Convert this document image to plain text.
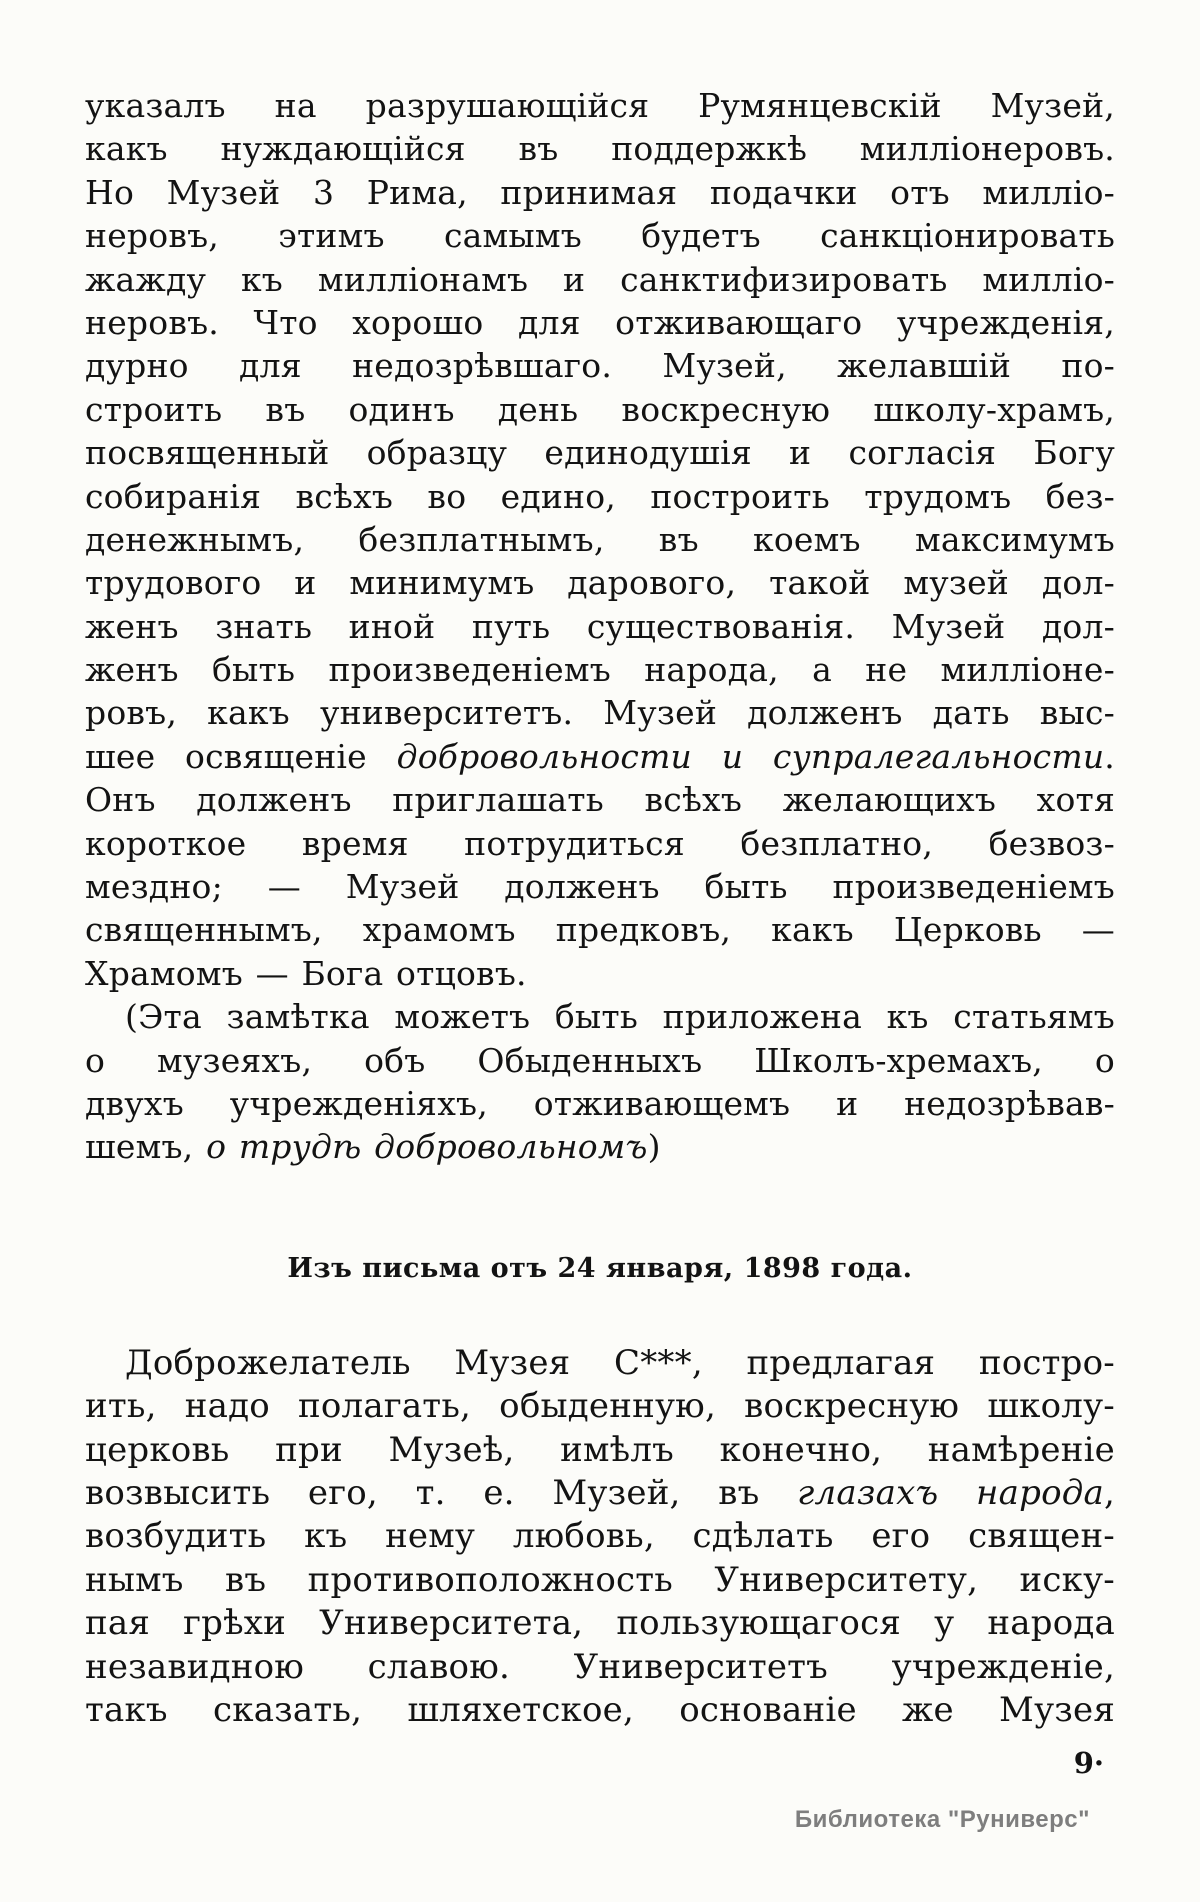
указалъ на разрушающійся Румянцевскій Музей,
какъ нуждающійся въ поддержкѣ милліонеровъ.
Но Музей 3 Рима, принимая подачки отъ милліо-
неровъ, этимъ самымъ будетъ санкціонировать
жажду къ милліонамъ и санктифизировать милліо-
неровъ. Что хорошо для отживающаго учрежденія,
дурно для недозрѣвшаго. Музей, желавшій по-
строить въ одинъ день воскресную школу-храмъ,
посвященный образцу единодушія и согласія Богу
собиранія всѣхъ во едино, построить трудомъ без-
денежнымъ, безплатнымъ, въ коемъ максимумъ
трудового и минимумъ дарового, такой музей дол-
женъ знать иной путь существованія. Музей дол-
женъ быть произведеніемъ народа, а не милліоне-
ровъ, какъ университетъ. Музей долженъ дать выс-
шее освященіе добровольности и супралегальности.
Онъ долженъ приглашать всѣхъ желающихъ хотя
короткое время потрудиться безплатно, безвоз-
мездно; — Музей долженъ быть произведеніемъ
священнымъ, храмомъ предковъ, какъ Церковь —
Храмомъ — Бога отцовъ.
(Эта замѣтка можетъ быть приложена къ статьямъ
о музеяхъ, объ Обыденныхъ Школъ-хремахъ, о
двухъ учрежденіяхъ, отживающемъ и недозрѣвав-
шемъ, о трудѣ добровольномъ)
Изъ письма отъ 24 января, 1898 года.
Доброжелатель Музея С***, предлагая постро-
ить, надо полагать, обыденную, воскресную школу-
церковь при Музеѣ, имѣлъ конечно, намѣреніе
возвысить его, т. е. Музей, въ глазахъ народа,
возбудить къ нему любовь, сдѣлать его священ-
нымъ въ противоположность Университету, иску-
пая грѣхи Университета, пользующагося у народа
незавидною славою. Университетъ учрежденіе,
такъ сказать, шляхетское, основаніе же Музея
9·
Библиотека "Руниверс"
